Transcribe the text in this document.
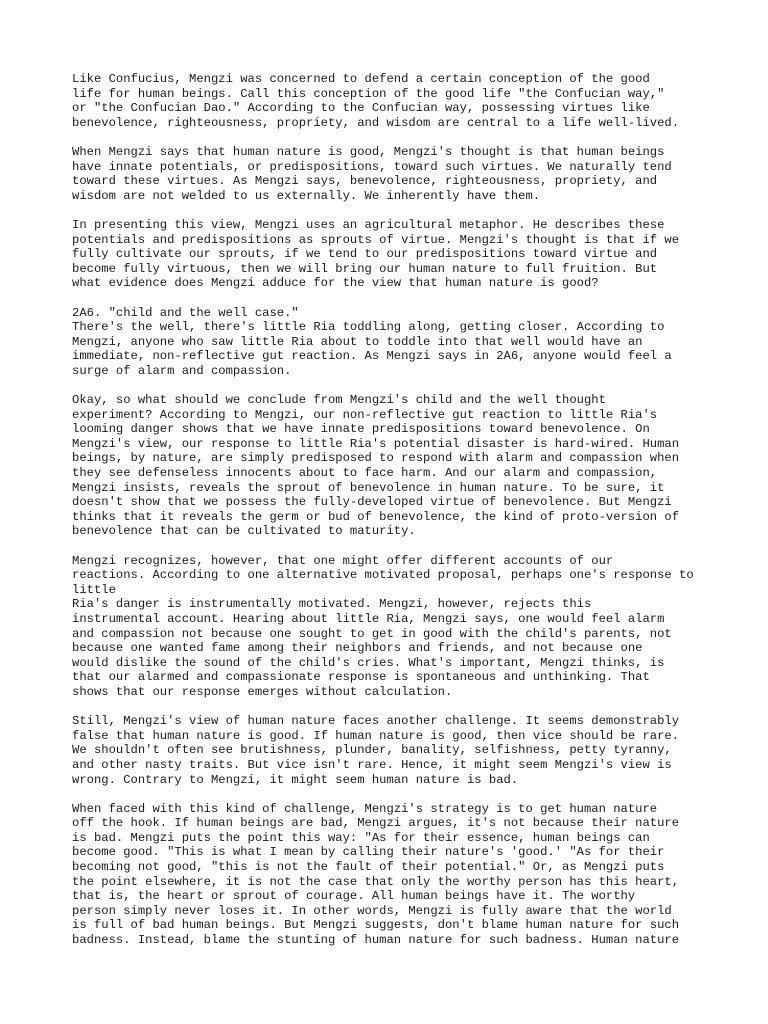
Like Confucius, Mengzi was concerned to defend a certain conception of the good
life for human beings. Call this conception of the good life "the Confucian way,"
or "the Confucian Dao." According to the Confucian way, possessing virtues like
benevolence, righteousness, propriety, and wisdom are central to a life well-lived.

When Mengzi says that human nature is good, Mengzi's thought is that human beings
have innate potentials, or predispositions, toward such virtues. We naturally tend
toward these virtues. As Mengzi says, benevolence, righteousness, propriety, and
wisdom are not welded to us externally. We inherently have them.

In presenting this view, Mengzi uses an agricultural metaphor. He describes these
potentials and predispositions as sprouts of virtue. Mengzi's thought is that if we
fully cultivate our sprouts, if we tend to our predispositions toward virtue and
become fully virtuous, then we will bring our human nature to full fruition. But
what evidence does Mengzi adduce for the view that human nature is good?

2A6. "child and the well case."
There's the well, there's little Ria toddling along, getting closer. According to
Mengzi, anyone who saw little Ria about to toddle into that well would have an
immediate, non-reflective gut reaction. As Mengzi says in 2A6, anyone would feel a
surge of alarm and compassion.

Okay, so what should we conclude from Mengzi's child and the well thought
experiment? According to Mengzi, our non-reflective gut reaction to little Ria's
looming danger shows that we have innate predispositions toward benevolence. On
Mengzi's view, our response to little Ria's potential disaster is hard-wired. Human
beings, by nature, are simply predisposed to respond with alarm and compassion when
they see defenseless innocents about to face harm. And our alarm and compassion,
Mengzi insists, reveals the sprout of benevolence in human nature. To be sure, it
doesn't show that we possess the fully-developed virtue of benevolence. But Mengzi
thinks that it reveals the germ or bud of benevolence, the kind of proto-version of
benevolence that can be cultivated to maturity.

Mengzi recognizes, however, that one might offer different accounts of our
reactions. According to one alternative motivated proposal, perhaps one's response to little
Ria's danger is instrumentally motivated. Mengzi, however, rejects this
instrumental account. Hearing about little Ria, Mengzi says, one would feel alarm
and compassion not because one sought to get in good with the child's parents, not
because one wanted fame among their neighbors and friends, and not because one
would dislike the sound of the child's cries. What's important, Mengzi thinks, is
that our alarmed and compassionate response is spontaneous and unthinking. That
shows that our response emerges without calculation.

Still, Mengzi's view of human nature faces another challenge. It seems demonstrably
false that human nature is good. If human nature is good, then vice should be rare.
We shouldn't often see brutishness, plunder, banality, selfishness, petty tyranny,
and other nasty traits. But vice isn't rare. Hence, it might seem Mengzi's view is
wrong. Contrary to Mengzi, it might seem human nature is bad.

When faced with this kind of challenge, Mengzi's strategy is to get human nature
off the hook. If human beings are bad, Mengzi argues, it's not because their nature
is bad. Mengzi puts the point this way: "As for their essence, human beings can
become good. "This is what I mean by calling their nature's 'good.' "As for their
becoming not good, "this is not the fault of their potential." Or, as Mengzi puts
the point elsewhere, it is not the case that only the worthy person has this heart,
that is, the heart or sprout of courage. All human beings have it. The worthy
person simply never loses it. In other words, Mengzi is fully aware that the world
is full of bad human beings. But Mengzi suggests, don't blame human nature for such
badness. Instead, blame the stunting of human nature for such badness. Human nature
